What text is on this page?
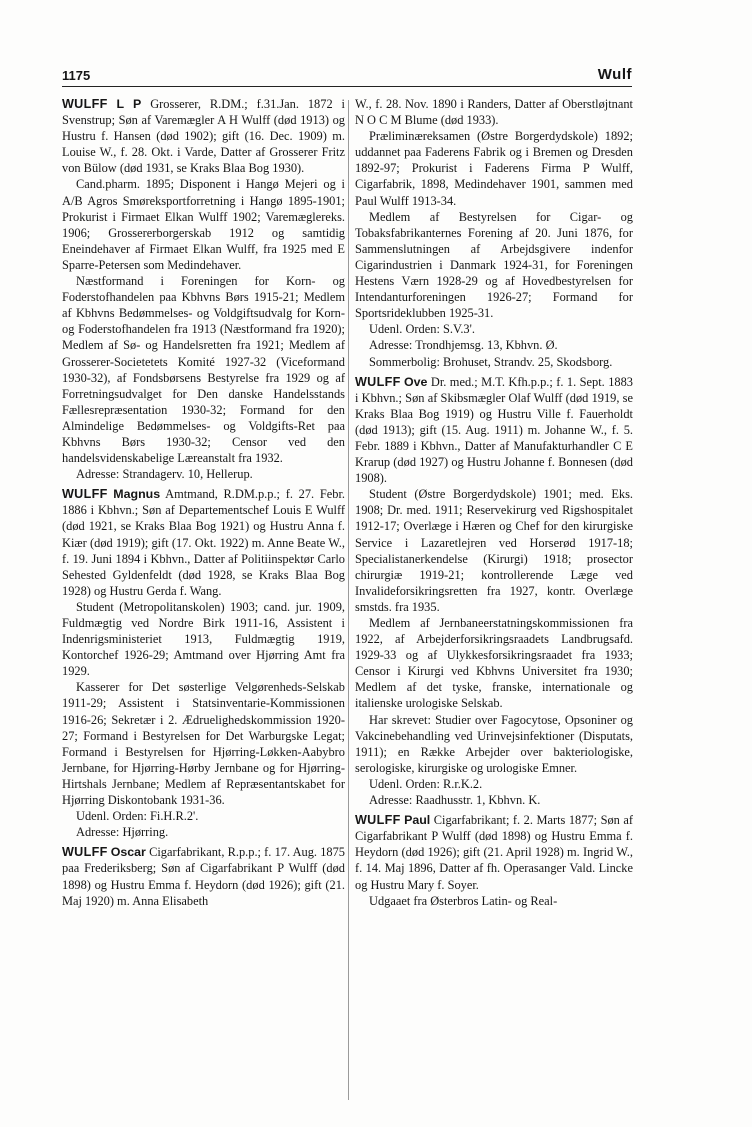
1175	Wulf

WULFF L P Grosserer, R.DM.; f.31.Jan. 1872 i Svenstrup; Søn af Varemægler A H Wulff (død 1913) og Hustru f. Hansen (død 1902); gift (16. Dec. 1909) m. Louise W., f. 28. Okt. i Varde, Datter af Grosserer Fritz von Bülow (død 1931, se Kraks Blaa Bog 1930).

Cand.pharm. 1895; Disponent i Hangø Mejeri og i A/B Agros Smøreksportforretning i Hangø 1895-1901; Prokurist i Firmaet Elkan Wulff 1902; Varemæglereks. 1906; Grossererborgerskab 1912 og samtidig Eneindehaver af Firmaet Elkan Wulff, fra 1925 med E Sparre-Petersen som Medindehaver.

Næstformand i Foreningen for Korn- og Foderstofhandelen paa Kbhvns Børs 1915-21; Medlem af Kbhvns Bedømmelses- og Voldgiftsudvalg for Korn- og Foderstofhandelen fra 1913 (Næstformand fra 1920); Medlem af Sø- og Handelsretten fra 1921; Medlem af Grosserer-Societetets Komité 1927-32 (Viceformand 1930-32), af Fondsbørsens Bestyrelse fra 1929 og af Forretningsudvalget for Den danske Handelsstands Fællesrepræsentation 1930-32; Formand for den Almindelige Bedømmelses- og Voldgifts-Ret paa Kbhvns Børs 1930-32; Censor ved den handelsvidenskabelige Læreanstalt fra 1932.

Adresse: Strandagerv. 10, Hellerup.

WULFF Magnus Amtmand, R.DM.p.p.; f. 27. Febr. 1886 i Kbhvn.; Søn af Departementschef Louis E Wulff (død 1921, se Kraks Blaa Bog 1921) og Hustru Anna f. Kiær (død 1919); gift (17. Okt. 1922) m. Anne Beate W., f. 19. Juni 1894 i Kbhvn., Datter af Politiinspektør Carlo Sehested Gyldenfeldt (død 1928, se Kraks Blaa Bog 1928) og Hustru Gerda f. Wang.

Student (Metropolitanskolen) 1903; cand. jur. 1909, Fuldmægtig ved Nordre Birk 1911-16, Assistent i Indenrigsministeriet 1913, Fuldmægtig 1919, Kontorchef 1926-29; Amtmand over Hjørring Amt fra 1929.

Kasserer for Det søsterlige Velgørenheds-Selskab 1911-29; Assistent i Statsinventarie-Kommissionen 1916-26; Sekretær i 2. Ædruelighedskommission 1920-27; Formand i Bestyrelsen for Det Warburgske Legat; Formand i Bestyrelsen for Hjørring-Løkken-Aabybro Jernbane, for Hjørring-Hørby Jernbane og for Hjørring-Hirtshals Jernbane; Medlem af Repræsentantskabet for Hjørring Diskontobank 1931-36.

Udenl. Orden: Fi.H.R.2'.

Adresse: Hjørring.

WULFF Oscar Cigarfabrikant, R.p.p.; f. 17. Aug. 1875 paa Frederiksberg; Søn af Cigarfabrikant P Wulff (død 1898) og Hustru Emma f. Heydorn (død 1926); gift (21. Maj 1920) m. Anna Elisabeth

W., f. 28. Nov. 1890 i Randers, Datter af Oberstløjtnant N O C M Blume (død 1933).

Præliminæreksamen (Østre Borgerdydskole) 1892; uddannet paa Faderens Fabrik og i Bremen og Dresden 1892-97; Prokurist i Faderens Firma P Wulff, Cigarfabrik, 1898, Medindehaver 1901, sammen med Paul Wulff 1913-34.

Medlem af Bestyrelsen for Cigar- og Tobaksfabrikanternes Forening af 20. Juni 1876, for Sammenslutningen af Arbejdsgivere indenfor Cigarindustrien i Danmark 1924-31, for Foreningen Hestens Værn 1928-29 og af Hovedbestyrelsen for Intendanturforeningen 1926-27; Formand for Sportsrideklubben 1925-31.

Udenl. Orden: S.V.3'.

Adresse: Trondhjemsg. 13, Kbhvn. Ø.

Sommerbolig: Brohuset, Strandv. 25, Skodsborg.

WULFF Ove Dr. med.; M.T. Kfh.p.p.; f. 1. Sept. 1883 i Kbhvn.; Søn af Skibsmægler Olaf Wulff (død 1919, se Kraks Blaa Bog 1919) og Hustru Ville f. Fauerholdt (død 1913); gift (15. Aug. 1911) m. Johanne W., f. 5. Febr. 1889 i Kbhvn., Datter af Manufakturhandler C E Krarup (død 1927) og Hustru Johanne f. Bonnesen (død 1908).

Student (Østre Borgerdydskole) 1901; med. Eks. 1908; Dr. med. 1911; Reservekirurg ved Rigshospitalet 1912-17; Overlæge i Hæren og Chef for den kirurgiske Service i Lazaretlejren ved Horserød 1917-18; Specialistanerkendelse (Kirurgi) 1918; prosector chirurgiæ 1919-21; kontrollerende Læge ved Invalideforsikringsretten fra 1927, kontr. Overlæge smstds. fra 1935.

Medlem af Jernbaneerstatningskommissionen fra 1922, af Arbejderforsikringsraadets Landbrugsafd. 1929-33 og af Ulykkesforsikringsraadet fra 1933; Censor i Kirurgi ved Kbhvns Universitet fra 1930; Medlem af det tyske, franske, internationale og italienske urologiske Selskab.

Har skrevet: Studier over Fagocytose, Opsoniner og Vakcinebehandling ved Urinvejsinfektioner (Disputats, 1911); en Række Arbejder over bakteriologiske, serologiske, kirurgiske og urologiske Emner.

Udenl. Orden: R.r.K.2.

Adresse: Raadhusstr. 1, Kbhvn. K.

WULFF Paul Cigarfabrikant; f. 2. Marts 1877; Søn af Cigarfabrikant P Wulff (død 1898) og Hustru Emma f. Heydorn (død 1926); gift (21. April 1928) m. Ingrid W., f. 14. Maj 1896, Datter af fh. Operasanger Vald. Lincke og Hustru Mary f. Soyer.

Udgaaet fra Østerbros Latin- og Real-
